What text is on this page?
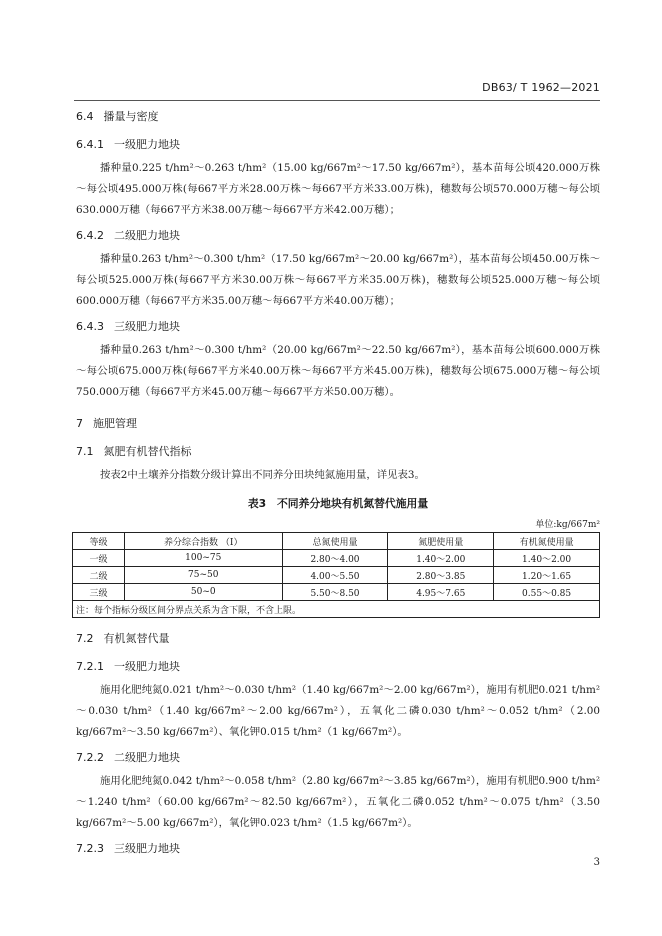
DB63/ T 1962—2021

6.4 播量与密度

6.4.1 一级肥力地块

播种量0.225 t/hm²～0.263 t/hm²（15.00 kg/667m²～17.50 kg/667m²），基本苗每公顷420.000万株～每公顷495.000万株(每667平方米28.00万株～每667平方米33.00万株)，穗数每公顷570.000万穗～每公顷630.000万穗（每667平方米38.00万穗～每667平方米42.00万穗）；

6.4.2 二级肥力地块

播种量0.263 t/hm²～0.300 t/hm²（17.50 kg/667m²～20.00 kg/667m²），基本苗每公顷450.00万株～每公顷525.000万株(每667平方米30.00万株～每667平方米35.00万株)，穗数每公顷525.000万穗～每公顷600.000万穗（每667平方米35.00万穗～每667平方米40.00万穗）；

6.4.3 三级肥力地块

播种量0.263 t/hm²～0.300 t/hm²（20.00 kg/667m²～22.50 kg/667m²），基本苗每公顷600.000万株～每公顷675.000万株(每667平方米40.00万株～每667平方米45.00万株)，穗数每公顷675.000万穗～每公顷750.000万穗（每667平方米45.00万穗～每667平方米50.00万穗）。

7 施肥管理

7.1 氮肥有机替代指标

按表2中土壤养分指数分级计算出不同养分田块纯氮施用量，详见表3。

表3　不同养分地块有机氮替代施用量
单位:kg/667m²
等级	养分综合指数 （I）	总氮使用量	氮肥使用量	有机氮使用量
一级	100~75	2.80～4.00	1.40～2.00	1.40～2.00
二级	75~50	4.00～5.50	2.80～3.85	1.20～1.65
三级	50~0	5.50～8.50	4.95～7.65	0.55～0.85
注：每个指标分级区间分界点关系为含下限，不含上限。				

7.2 有机氮替代量

7.2.1 一级肥力地块

施用化肥纯氮0.021 t/hm²～0.030 t/hm²（1.40 kg/667m²～2.00 kg/667m²），施用有机肥0.021 t/hm²～0.030 t/hm²（1.40 kg/667m²～2.00 kg/667m²），五氧化二磷0.030 t/hm²～0.052 t/hm²（2.00 kg/667m²～3.50 kg/667m²）、氧化钾0.015 t/hm²（1 kg/667m²）。

7.2.2 二级肥力地块

施用化肥纯氮0.042 t/hm²～0.058 t/hm²（2.80 kg/667m²～3.85 kg/667m²），施用有机肥0.900 t/hm²～1.240 t/hm²（60.00 kg/667m²～82.50 kg/667m²），五氧化二磷0.052 t/hm²～0.075 t/hm²（3.50 kg/667m²～5.00 kg/667m²），氧化钾0.023 t/hm²（1.5 kg/667m²）。

7.2.3 三级肥力地块

3
